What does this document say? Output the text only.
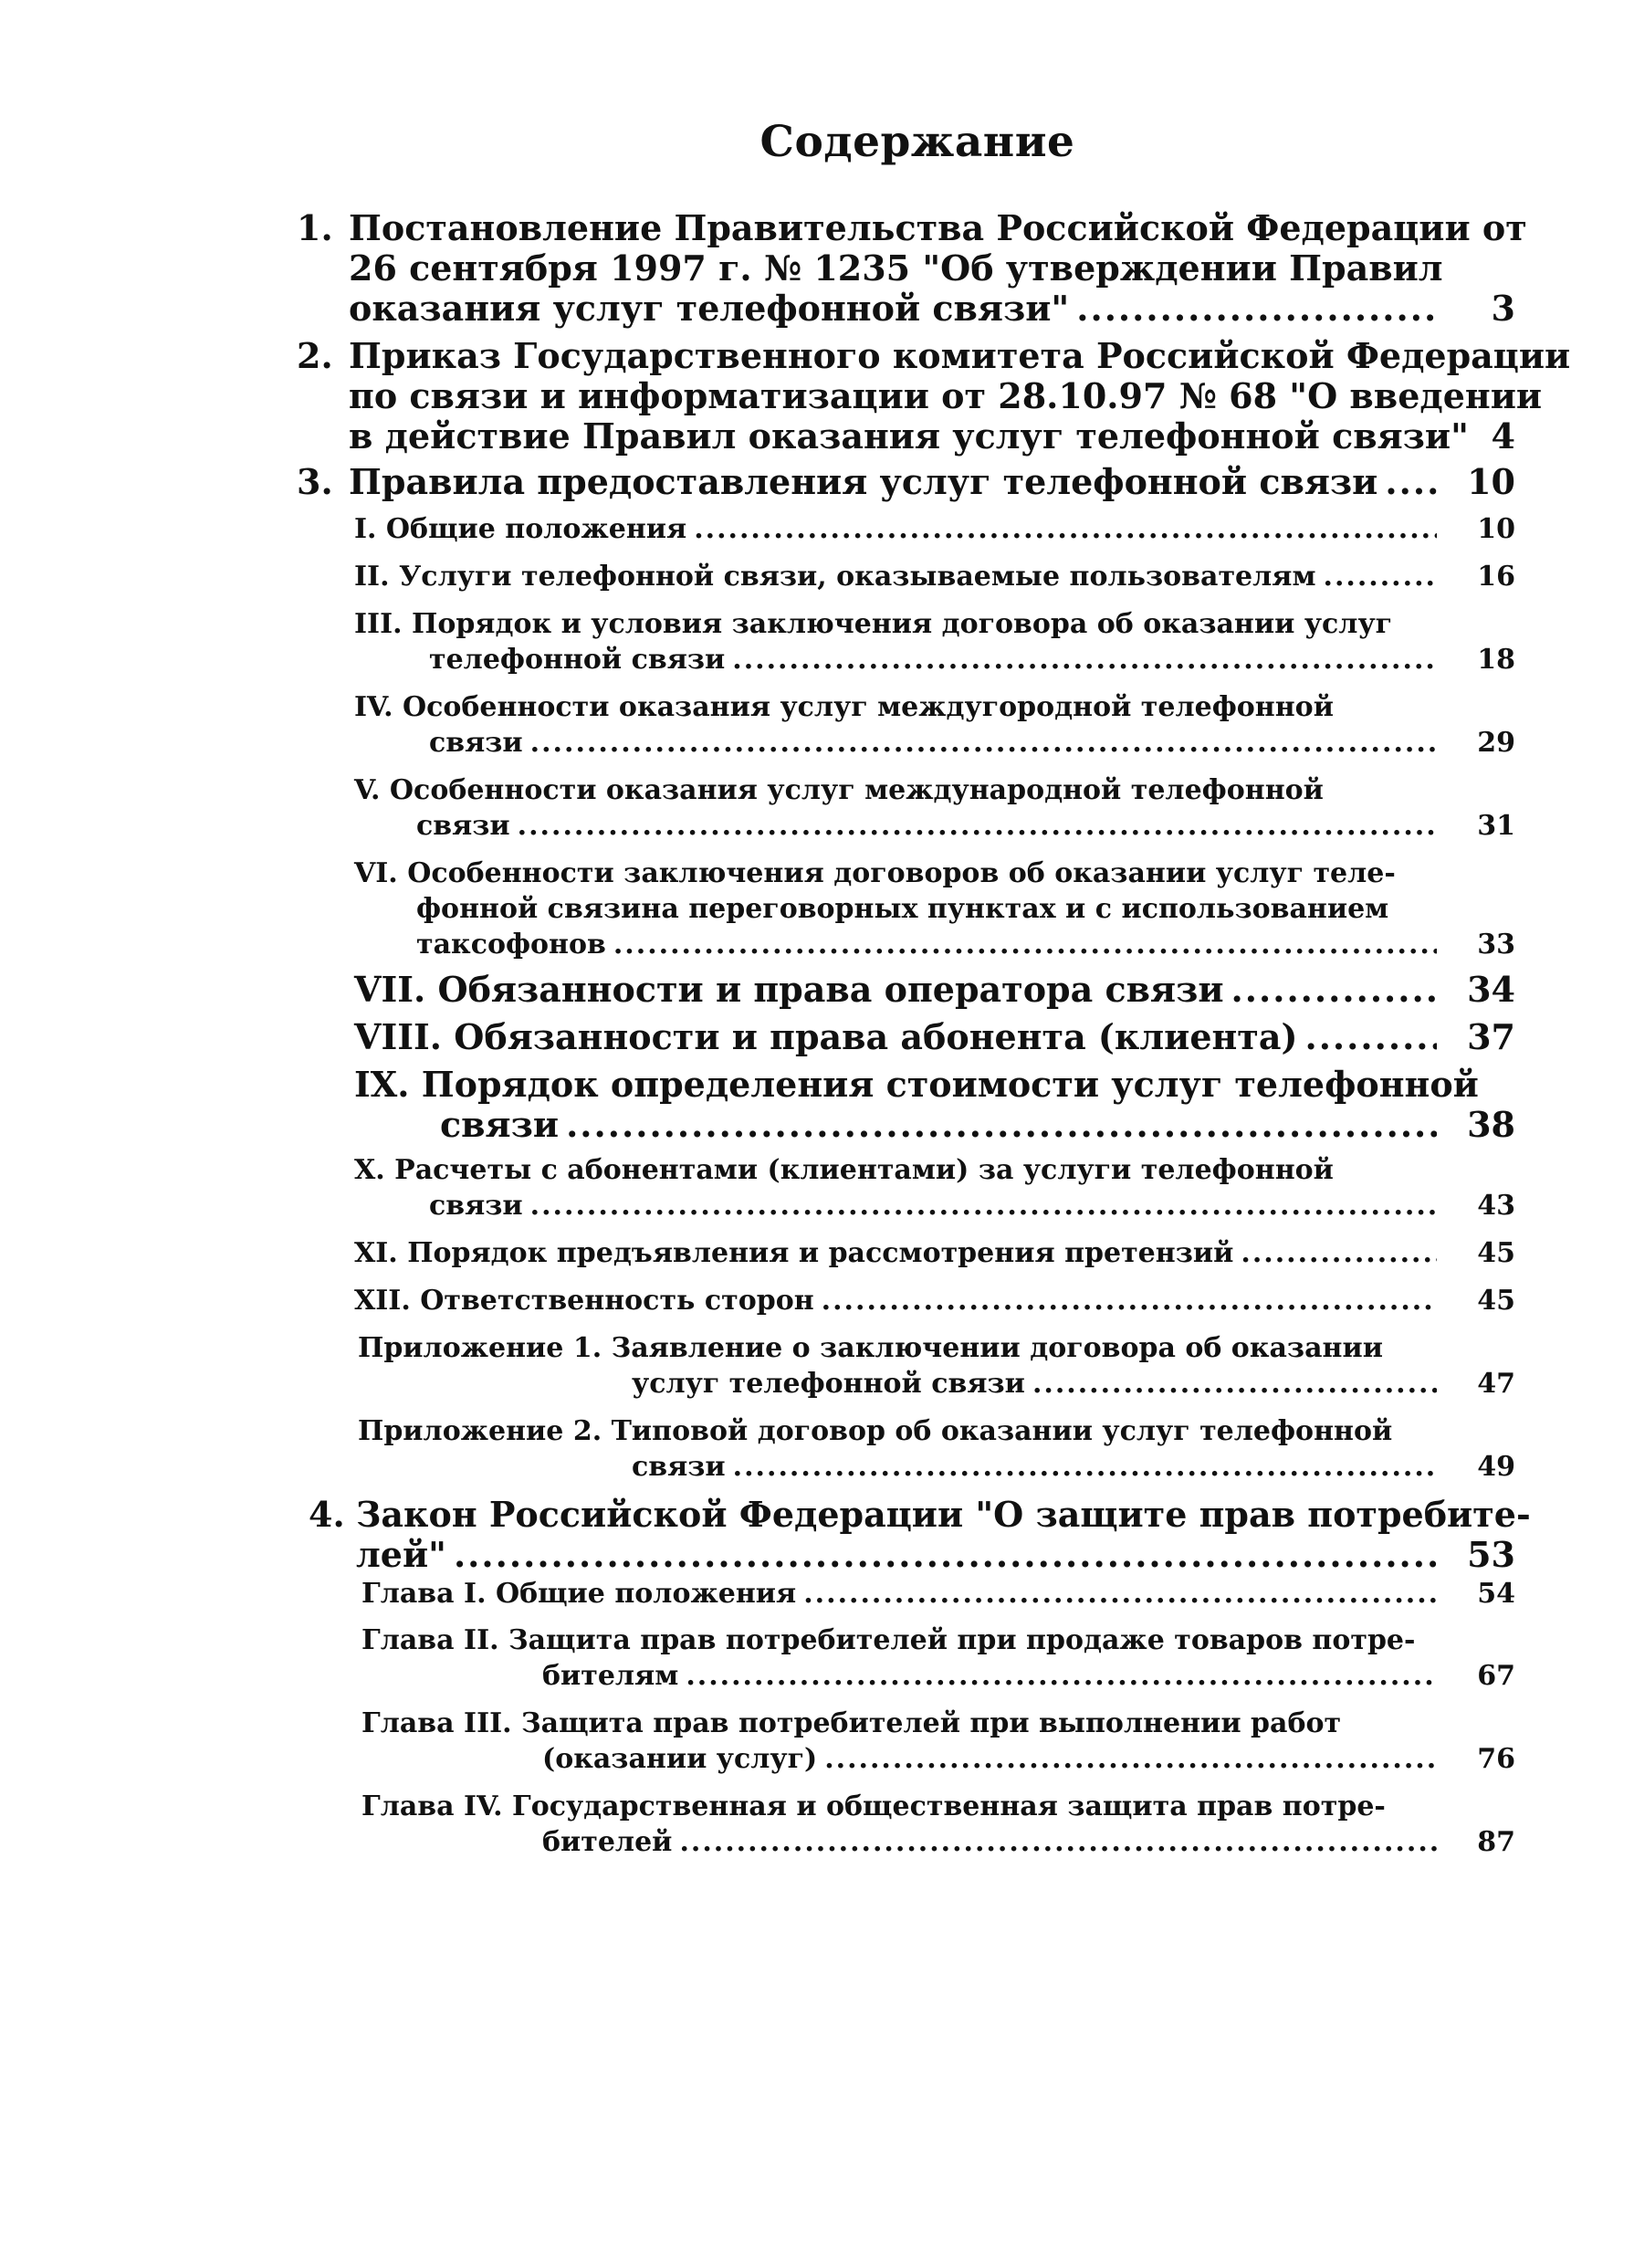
Содержание
1. Постановление Правительства Российской Федерации от
26 сентября 1997 г. № 1235 "Об утверждении Правил
оказания услуг телефонной связи" .....	3
2. Приказ Государственного комитета Российской Федерации
по связи и информатизации от 28.10.97 № 68 "О введении
в действие Правил оказания услуг телефонной связи" 4
3. Правила предоставления услуг телефонной связи .....	10
I. Общие положения .....	10
II. Услуги телефонной связи, оказываемые пользователям .....	16
III. Порядок и условия заключения договора об оказании услуг
телефонной связи .....	18
IV. Особенности оказания услуг междугородной телефонной
связи .....	29
V. Особенности оказания услуг международной телефонной
связи .....	31
VI. Особенности заключения договоров об оказании услуг теле-
фонной связина переговорных пунктах и с использованием
таксофонов .....	33
VII. Обязанности и права оператора связи .....	34
VIII. Обязанности и права абонента (клиента) .....	37
IX. Порядок определения стоимости услуг телефонной
связи .....	38
X. Расчеты с абонентами (клиентами) за услуги телефонной
связи .....	43
XI. Порядок предъявления и рассмотрения претензий .....	45
XII. Ответственность сторон .....	45
Приложение 1. Заявление о заключении договора об оказании
услуг телефонной связи .....	47
Приложение 2. Типовой договор об оказании услуг телефонной
связи .....	49
4. Закон Российской Федерации "О защите прав потребите-
лей" .....	53
Глава I. Общие положения .....	54
Глава II. Защита прав потребителей при продаже товаров потре-
бителям .....	67
Глава III. Защита прав потребителей при выполнении работ
(оказании услуг) .....	76
Глава IV. Государственная и общественная защита прав потре-
бителей .....	87
